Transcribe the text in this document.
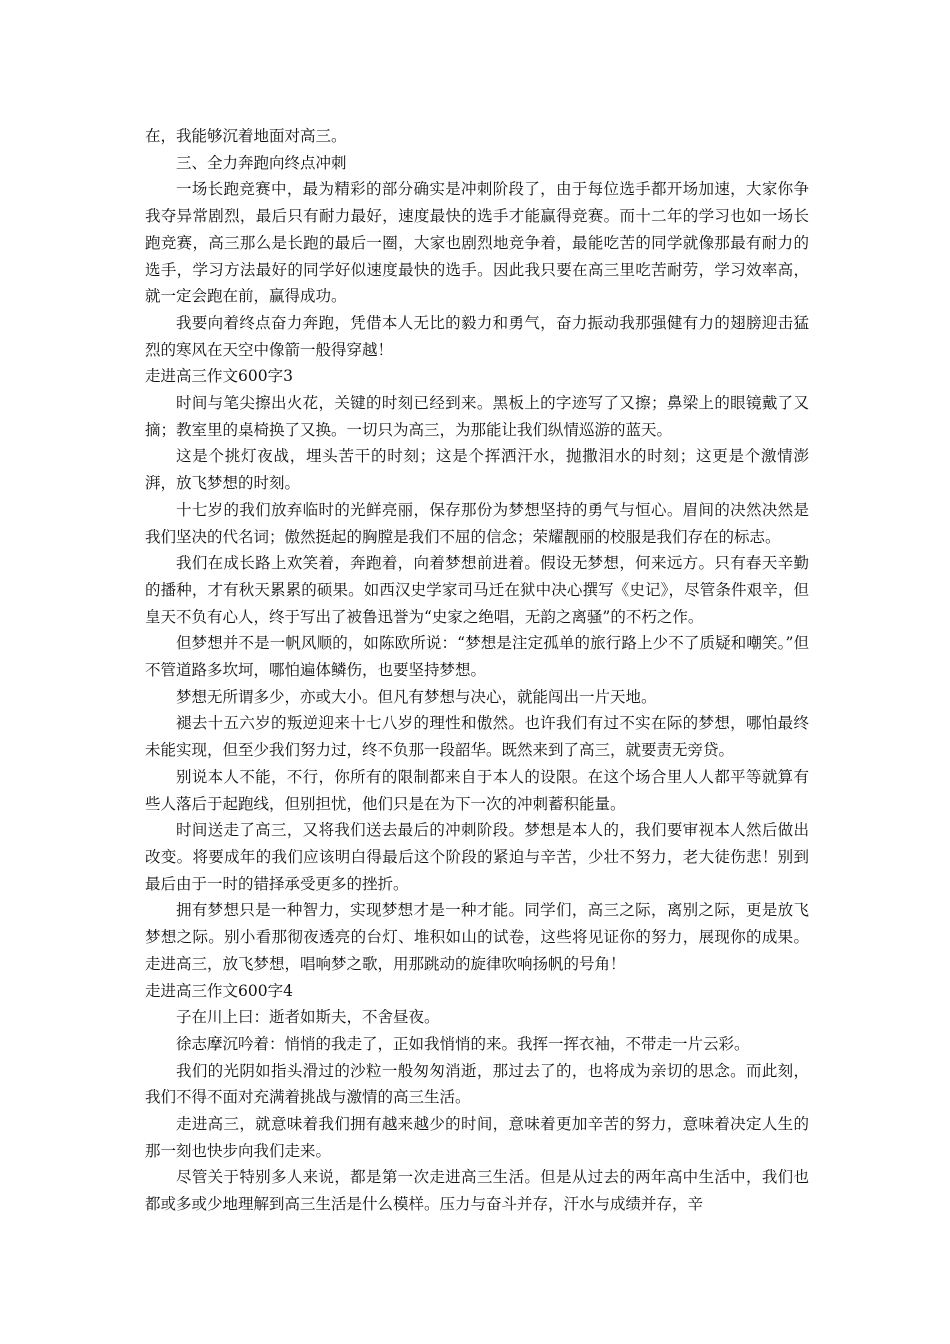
在，我能够沉着地面对高三。

三、全力奔跑向终点冲刺

一场长跑竞赛中，最为精彩的部分确实是冲刺阶段了，由于每位选手都开场加速，大家你争我夺异常剧烈，最后只有耐力最好，速度最快的选手才能赢得竞赛。而十二年的学习也如一场长跑竞赛，高三那么是长跑的最后一圈，大家也剧烈地竞争着，最能吃苦的同学就像那最有耐力的选手，学习方法最好的同学好似速度最快的选手。因此我只要在高三里吃苦耐劳，学习效率高，就一定会跑在前，赢得成功。

我要向着终点奋力奔跑，凭借本人无比的毅力和勇气，奋力振动我那强健有力的翅膀迎击猛烈的寒风在天空中像箭一般得穿越！

走进高三作文600字3

时间与笔尖擦出火花，关键的时刻已经到来。黑板上的字迹写了又擦；鼻梁上的眼镜戴了又摘；教室里的桌椅换了又换。一切只为高三，为那能让我们纵情巡游的蓝天。

这是个挑灯夜战，埋头苦干的时刻；这是个挥洒汗水，抛撒泪水的时刻；这更是个激情澎湃，放飞梦想的时刻。

十七岁的我们放弃临时的光鲜亮丽，保存那份为梦想坚持的勇气与恒心。眉间的决然决然是我们坚决的代名词；傲然挺起的胸膛是我们不屈的信念；荣耀靓丽的校服是我们存在的标志。

我们在成长路上欢笑着，奔跑着，向着梦想前进着。假设无梦想，何来远方。只有春天辛勤的播种，才有秋天累累的硕果。如西汉史学家司马迁在狱中决心撰写《史记》，尽管条件艰辛，但皇天不负有心人，终于写出了被鲁迅誉为“史家之绝唱，无韵之离骚”的不朽之作。

但梦想并不是一帆风顺的，如陈欧所说：“梦想是注定孤单的旅行路上少不了质疑和嘲笑。”但不管道路多坎坷，哪怕遍体鳞伤，也要坚持梦想。

梦想无所谓多少，亦或大小。但凡有梦想与决心，就能闯出一片天地。

褪去十五六岁的叛逆迎来十七八岁的理性和傲然。也许我们有过不实在际的梦想，哪怕最终未能实现，但至少我们努力过，终不负那一段韶华。既然来到了高三，就要责无旁贷。

别说本人不能，不行，你所有的限制都来自于本人的设限。在这个场合里人人都平等就算有些人落后于起跑线，但别担忧，他们只是在为下一次的冲刺蓄积能量。

时间送走了高三，又将我们送去最后的冲刺阶段。梦想是本人的，我们要审视本人然后做出改变。将要成年的我们应该明白得最后这个阶段的紧迫与辛苦，少壮不努力，老大徒伤悲！别到最后由于一时的错择承受更多的挫折。

拥有梦想只是一种智力，实现梦想才是一种才能。同学们，高三之际，离别之际，更是放飞梦想之际。别小看那彻夜透亮的台灯、堆积如山的试卷，这些将见证你的努力，展现你的成果。走进高三，放飞梦想，唱响梦之歌，用那跳动的旋律吹响扬帆的号角！

走进高三作文600字4

子在川上曰：逝者如斯夫，不舍昼夜。

徐志摩沉吟着：悄悄的我走了，正如我悄悄的来。我挥一挥衣袖，不带走一片云彩。

我们的光阴如指头滑过的沙粒一般匆匆消逝，那过去了的，也将成为亲切的思念。而此刻，我们不得不面对充满着挑战与激情的高三生活。

走进高三，就意味着我们拥有越来越少的时间，意味着更加辛苦的努力，意味着决定人生的那一刻也快步向我们走来。

尽管关于特别多人来说，都是第一次走进高三生活。但是从过去的两年高中生活中，我们也都或多或少地理解到高三生活是什么模样。压力与奋斗并存，汗水与成绩并存，辛
